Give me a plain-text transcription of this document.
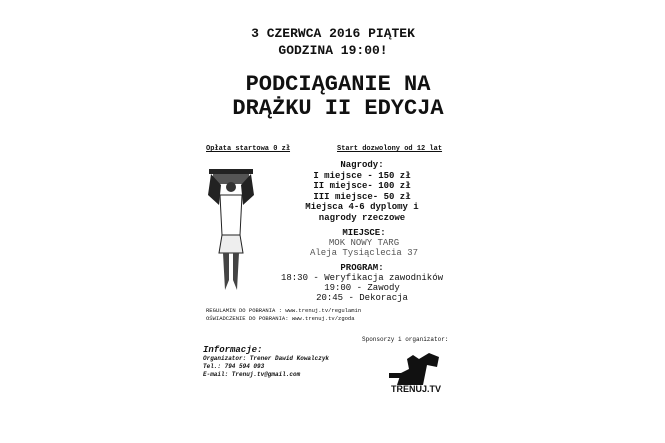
3 CZERWCA 2016 PIĄTEK
GODZINA 19:00!
PODCIĄGANIE NA
DRĄŻKU II EDYCJA
Opłata startowa 0 zł	Start dozwolony od 12 lat
Nagrody:
I miejsce - 150 zł
II miejsce- 100 zł
III miejsce- 50 zł
Miejsca 4-6 dyplomy i
nagrody rzeczowe
MIEJSCE:
MOK NOWY TARG
Aleja Tysiąclecia 37
PROGRAM:
18:30 - Weryfikacja zawodników
19:00 - Zawody
20:45 - Dekoracja
REGULAMIN DO POBRANIA : www.trenuj.tv/regulamin
OŚWIADCZENIE DO POBRANIA: www.trenuj.tv/zgoda
Sponsorzy i organizator:
Informacje:
Organizator: Trener Dawid Kowalczyk
Tel.: 794 594 093
E-mail: Trenuj.tv@gmail.com
TRENUJ.TV
